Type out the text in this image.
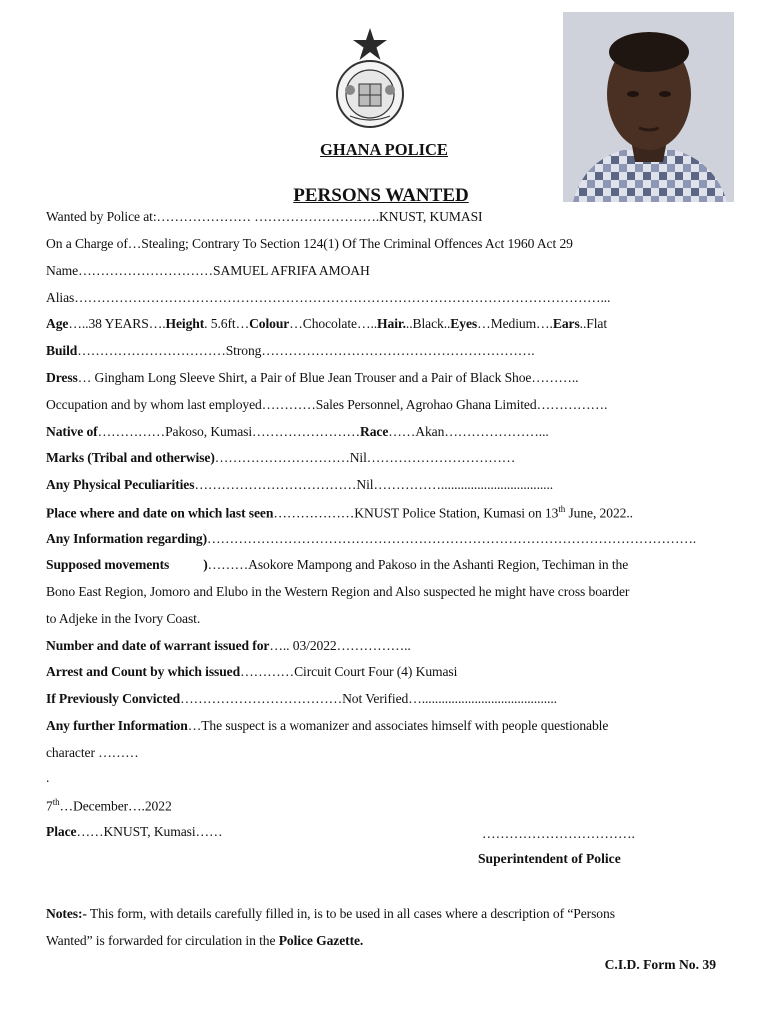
GHANA POLICE
PERSONS WANTED
Wanted by Police at:………………… ……………………….KNUST, KUMASI
On a Charge of…Stealing; Contrary To Section 124(1) Of The Criminal Offences Act 1960 Act 29
Name…………………………SAMUEL AFRIFA AMOAH
Alias………………………………………………………………………………………………………...
Age…..38 YEARS….Height. 5.6ft…Colour…Chocolate…..Hair...Black..Eyes…Medium….Ears..Flat
Build……………………………Strong…………………………………………………….
Dress… Gingham Long Sleeve Shirt, a Pair of Blue Jean Trouser and a Pair of Black Shoe………..
Occupation and by whom last employed…………Sales Personnel, Agrohao Ghana Limited…………….
Native of……………Pakoso, Kumasi……………………Race……Akan…………………...
Marks (Tribal and otherwise)…………………………Nil……………………………
Any Physical Peculiarities………………………………Nil……………..................................
Place where and date on which last seen………………KNUST Police Station, Kumasi on 13th June, 2022..
Any Information regarding)……………………………………………………………………………………………….
Supposed movements	)………Asokore Mampong and Pakoso in the Ashanti Region, Techiman in the
Bono East Region, Jomoro and Elubo in the Western Region and Also suspected he might have cross boarder
to Adjeke in the Ivory Coast.
Number and date of warrant issued for….. 03/2022……………..
Arrest and Count by which issued…………Circuit Court Four (4) Kumasi
If Previously Convicted………………………………Not Verified….........................................
Any further Information…The suspect is a womanizer and associates himself with people questionable
character ………
.
7th…December….2022
Place……KNUST, Kumasi……	…………………………….
Superintendent of Police
Notes:- This form, with details carefully filled in, is to be used in all cases where a description of “Persons
Wanted” is forwarded for circulation in the Police Gazette.
C.I.D. Form No. 39
